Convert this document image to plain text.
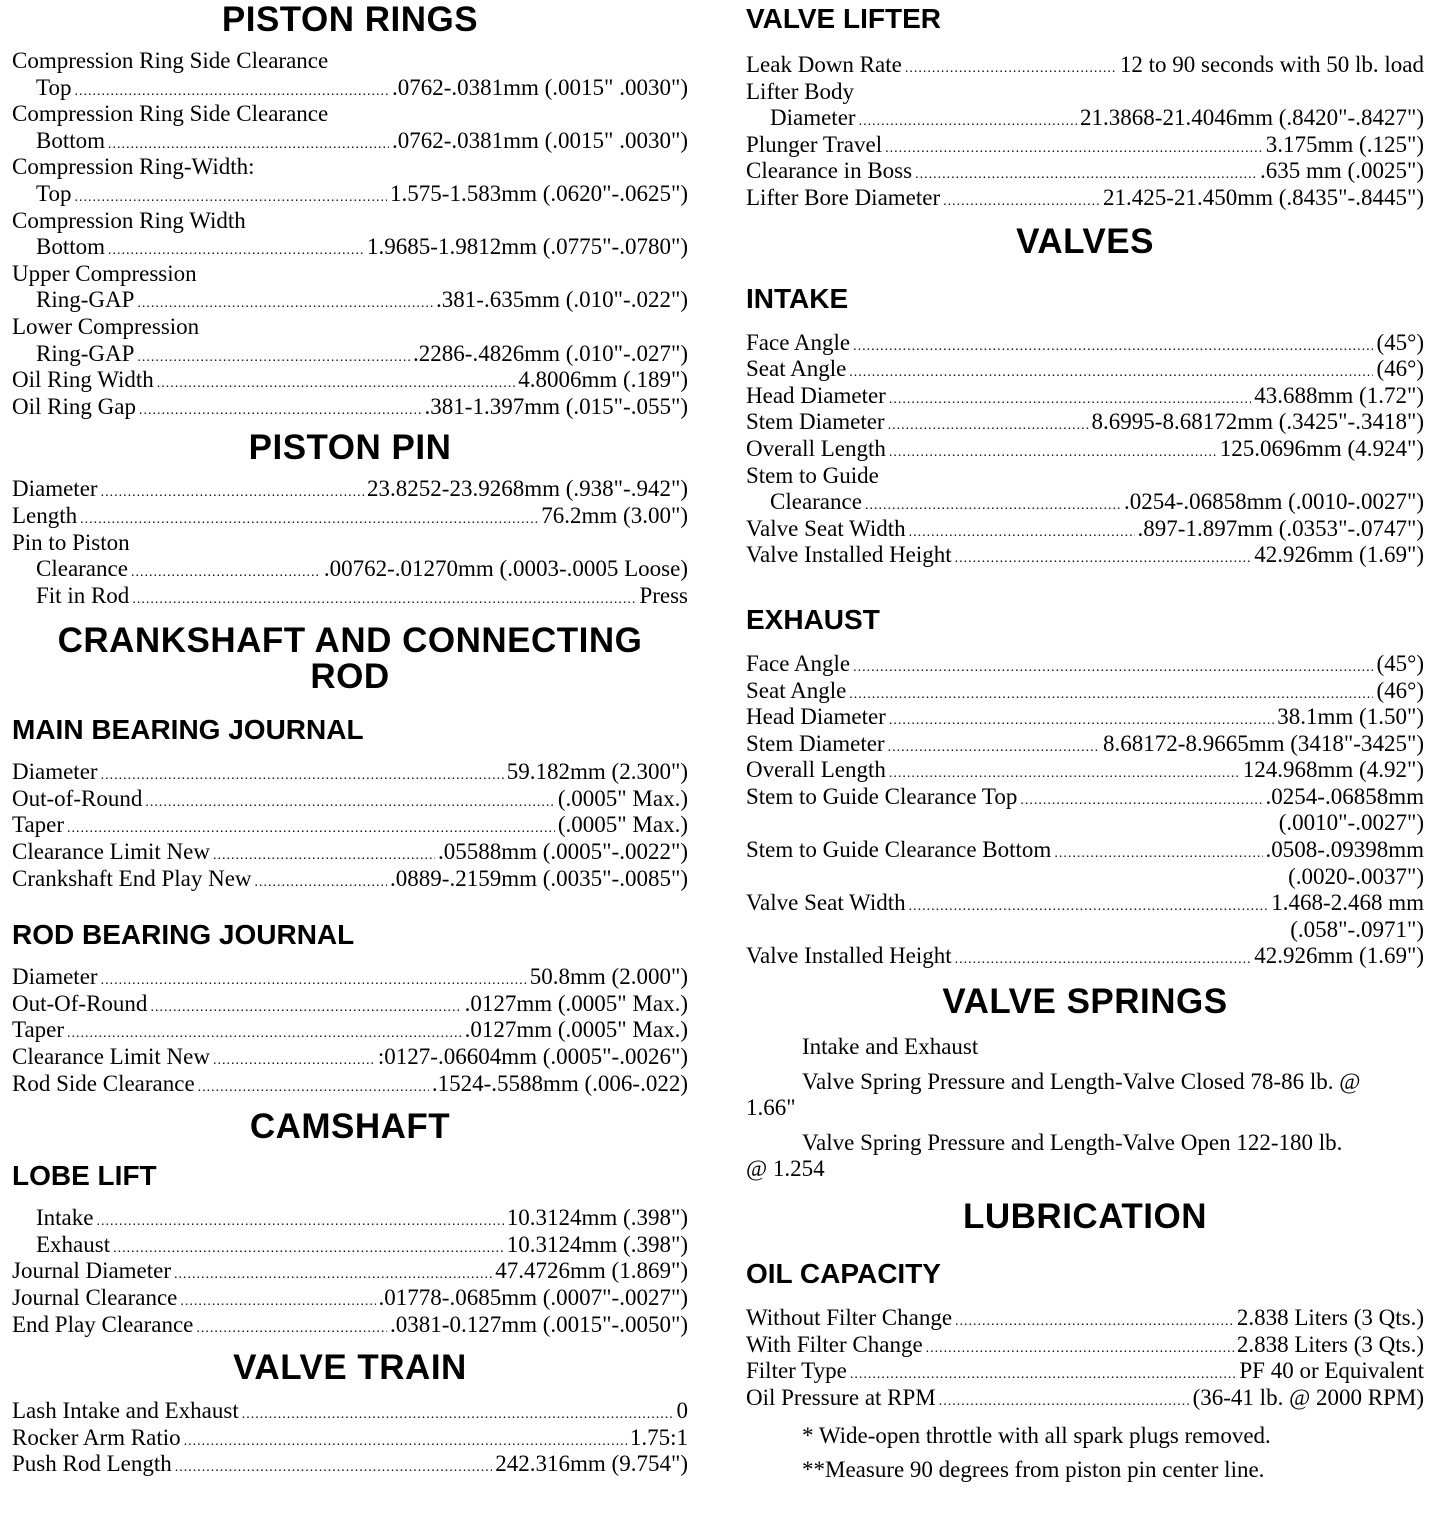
PISTON RINGS
Compression Ring Side Clearance
Top .....	.0762-.0381mm (.0015" .0030")
Compression Ring Side Clearance
Bottom .....	.0762-.0381mm (.0015" .0030")
Compression Ring-Width:
Top .....	1.575-1.583mm (.0620"-.0625")
Compression Ring Width
Bottom .....	1.9685-1.9812mm (.0775"-.0780")
Upper Compression
Ring-GAP .....	.381-.635mm (.010"-.022")
Lower Compression
Ring-GAP .....	.2286-.4826mm (.010"-.027")
Oil Ring Width .....	4.8006mm (.189")
Oil Ring Gap .....	.381-1.397mm (.015"-.055")
PISTON PIN
Diameter .....	23.8252-23.9268mm (.938"-.942")
Length .....	76.2mm (3.00")
Pin to Piston
Clearance .....	.00762-.01270mm (.0003-.0005 Loose)
Fit in Rod .....	Press
CRANKSHAFT AND CONNECTING
ROD
MAIN BEARING JOURNAL
Diameter .....	59.182mm (2.300")
Out-of-Round .....	(.0005" Max.)
Taper .....	(.0005" Max.)
Clearance Limit New .....	.05588mm (.0005"-.0022")
Crankshaft End Play New .....	.0889-.2159mm (.0035"-.0085")
ROD BEARING JOURNAL
Diameter .....	50.8mm (2.000")
Out-Of-Round .....	.0127mm (.0005" Max.)
Taper .....	.0127mm (.0005" Max.)
Clearance Limit New .....	:0127-.06604mm (.0005"-.0026")
Rod Side Clearance .....	.1524-.5588mm (.006-.022)
CAMSHAFT
LOBE LIFT
Intake .....	10.3124mm (.398")
Exhaust .....	10.3124mm (.398")
Journal Diameter .....	47.4726mm (1.869")
Journal Clearance .....	.01778-.0685mm (.0007"-.0027")
End Play Clearance .....	.0381-0.127mm (.0015"-.0050")
VALVE TRAIN
Lash Intake and Exhaust .....	0
Rocker Arm Ratio .....	1.75:1
Push Rod Length .....	242.316mm (9.754")
VALVE LIFTER
Leak Down Rate .....	12 to 90 seconds with 50 lb. load
Lifter Body
Diameter .....	21.3868-21.4046mm (.8420"-.8427")
Plunger Travel .....	3.175mm (.125")
Clearance in Boss .....	.635 mm (.0025")
Lifter Bore Diameter .....	21.425-21.450mm (.8435"-.8445")
VALVES
INTAKE
Face Angle .....	(45°)
Seat Angle .....	(46°)
Head Diameter .....	43.688mm (1.72")
Stem Diameter .....	8.6995-8.68172mm (.3425"-.3418")
Overall Length .....	125.0696mm (4.924")
Stem to Guide
Clearance .....	.0254-.06858mm (.0010-.0027")
Valve Seat Width .....	.897-1.897mm (.0353"-.0747")
Valve Installed Height .....	42.926mm (1.69")
EXHAUST
Face Angle .....	(45°)
Seat Angle .....	(46°)
Head Diameter .....	38.1mm (1.50")
Stem Diameter .....	8.68172-8.9665mm (3418"-3425")
Overall Length .....	124.968mm (4.92")
Stem to Guide Clearance Top .....	.0254-.06858mm
(.0010"-.0027")
Stem to Guide Clearance Bottom .....	.0508-.09398mm
(.0020-.0037")
Valve Seat Width .....	1.468-2.468 mm
(.058"-.0971")
Valve Installed Height .....	42.926mm (1.69")
VALVE SPRINGS
Intake and Exhaust
Valve Spring Pressure and Length-Valve Closed 78-86 lb. @
1.66"
Valve Spring Pressure and Length-Valve Open 122-180 lb.
@ 1.254
LUBRICATION
OIL CAPACITY
Without Filter Change .....	2.838 Liters (3 Qts.)
With Filter Change .....	2.838 Liters (3 Qts.)
Filter Type .....	PF 40 or Equivalent
Oil Pressure at RPM .....	(36-41 lb. @ 2000 RPM)
* Wide-open throttle with all spark plugs removed.
**Measure 90 degrees from piston pin center line.
